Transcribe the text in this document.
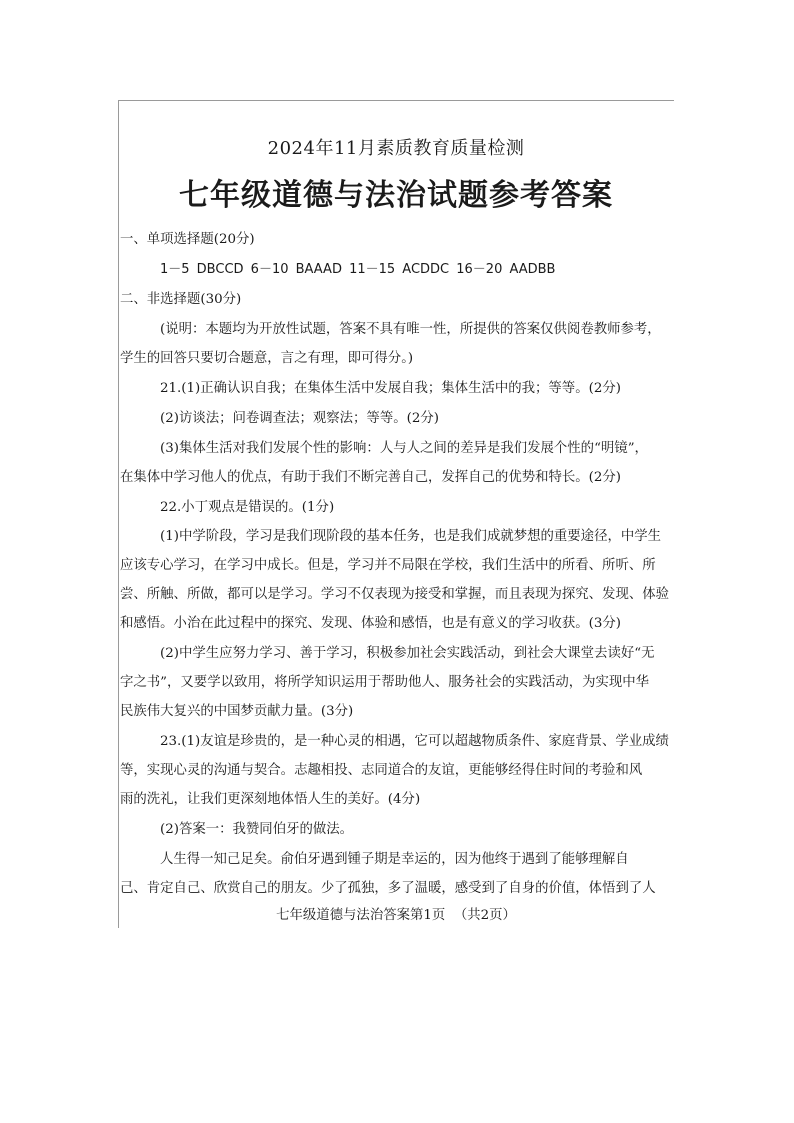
2024年11月素质教育质量检测
七年级道德与法治试题参考答案
一、单项选择题(20分)
1－5 DBCCD 6－10 BAAAD 11－15 ACDDC 16－20 AADBB
二、非选择题(30分)
(说明：本题均为开放性试题，答案不具有唯一性，所提供的答案仅供阅卷教师参考，
学生的回答只要切合题意，言之有理，即可得分。)
21.(1)正确认识自我；在集体生活中发展自我；集体生活中的我；等等。(2分)
(2)访谈法；问卷调查法；观察法；等等。(2分)
(3)集体生活对我们发展个性的影响：人与人之间的差异是我们发展个性的“明镜”，
在集体中学习他人的优点，有助于我们不断完善自己，发挥自己的优势和特长。(2分)
22.小丁观点是错误的。(1分)
(1)中学阶段，学习是我们现阶段的基本任务，也是我们成就梦想的重要途径，中学生
应该专心学习，在学习中成长。但是，学习并不局限在学校，我们生活中的所看、所听、所
尝、所触、所做，都可以是学习。学习不仅表现为接受和掌握，而且表现为探究、发现、体验
和感悟。小治在此过程中的探究、发现、体验和感悟，也是有意义的学习收获。(3分)
(2)中学生应努力学习、善于学习，积极参加社会实践活动，到社会大课堂去读好“无
字之书”，又要学以致用，将所学知识运用于帮助他人、服务社会的实践活动，为实现中华
民族伟大复兴的中国梦贡献力量。(3分)
23.(1)友谊是珍贵的，是一种心灵的相遇，它可以超越物质条件、家庭背景、学业成绩
等，实现心灵的沟通与契合。志趣相投、志同道合的友谊，更能够经得住时间的考验和风
雨的洗礼，让我们更深刻地体悟人生的美好。(4分)
(2)答案一：我赞同伯牙的做法。
人生得一知己足矣。俞伯牙遇到锺子期是幸运的，因为他终于遇到了能够理解自
己、肯定自己、欣赏自己的朋友。少了孤独，多了温暖，感受到了自身的价值，体悟到了人
七年级道德与法治答案第1页  （共2页）
